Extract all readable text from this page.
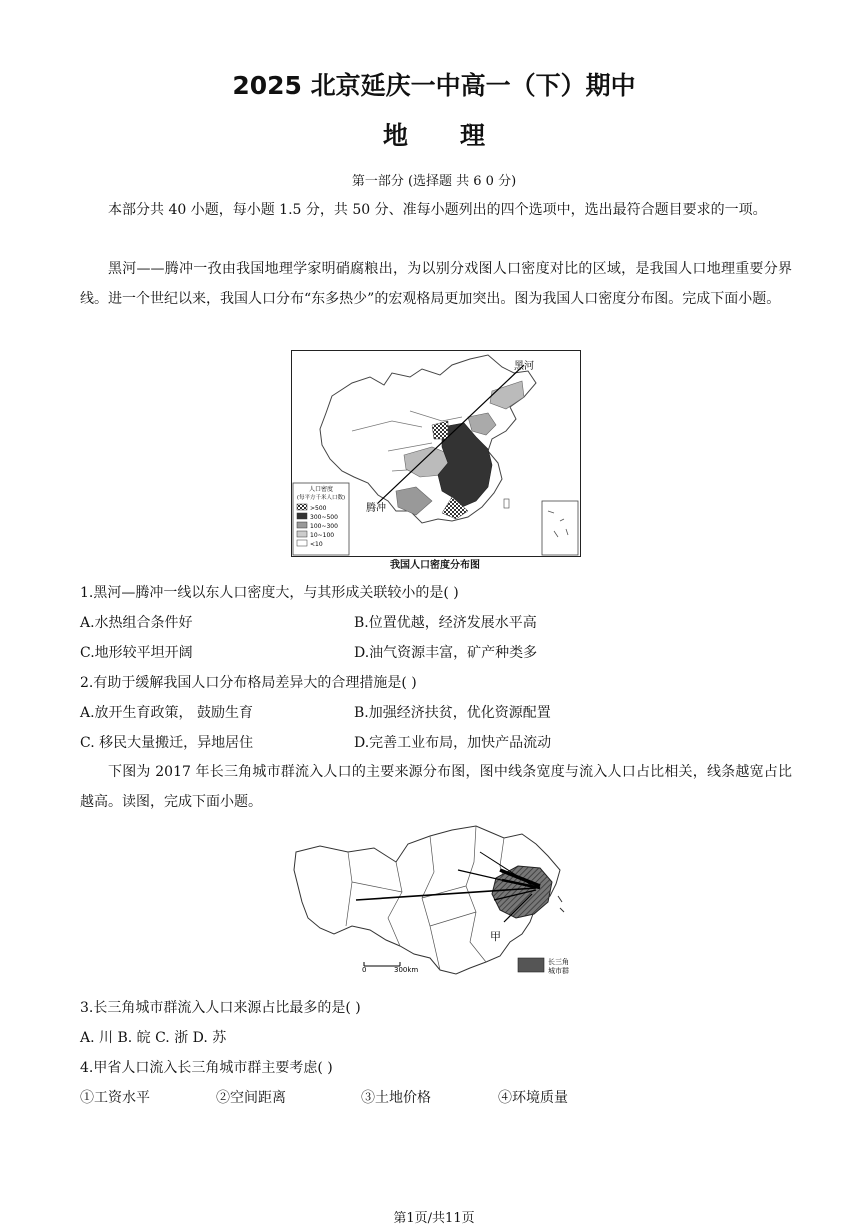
2025 北京延庆一中高一（下）期中
地理
第一部分 (选择题 共 6 0 分)
本部分共 40 小题，每小题 1.5 分，共 50 分、准每小题列出的四个选项中，选出最符合题目要求的一项。
黑河——腾冲一孜由我国地理学家明硝腐粮出，为以别分戏图人口密度对比的区域，是我国人口地理重要分界线。进一个世纪以来，我国人口分布“东多热少”的宏观格局更加突出。图为我国人口密度分布图。完成下面小题。
黑河
腾冲
人口密度
(每平方千米人口数)
>500
300~500
100~300
10~100
<10
我国人口密度分布图
1.黑河—腾冲一线以东人口密度大，与其形成关联较小的是( )
A.水热组合条件好	B.位置优越，经济发展水平高
C.地形较平坦开阔	D.油气资源丰富，矿产种类多
2.有助于缓解我国人口分布格局差异大的合理措施是( )
A.放开生育政策， 鼓励生育	B.加强经济扶贫，优化资源配置
C. 移民大量搬迁，异地居住	D.完善工业布局，加快产品流动
下图为 2017 年长三角城市群流入人口的主要来源分布图，图中线条宽度与流入人口占比相关，线条越宽占比越高。读图，完成下面小题。
甲
0	300km
长三角
城市群
3.长三角城市群流入人口来源占比最多的是( )
A. 川 B. 皖 C. 浙 D. 苏
4.甲省人口流入长三角城市群主要考虑( )
①工资水平	②空间距离	③土地价格	④环境质量
第1页/共11页
